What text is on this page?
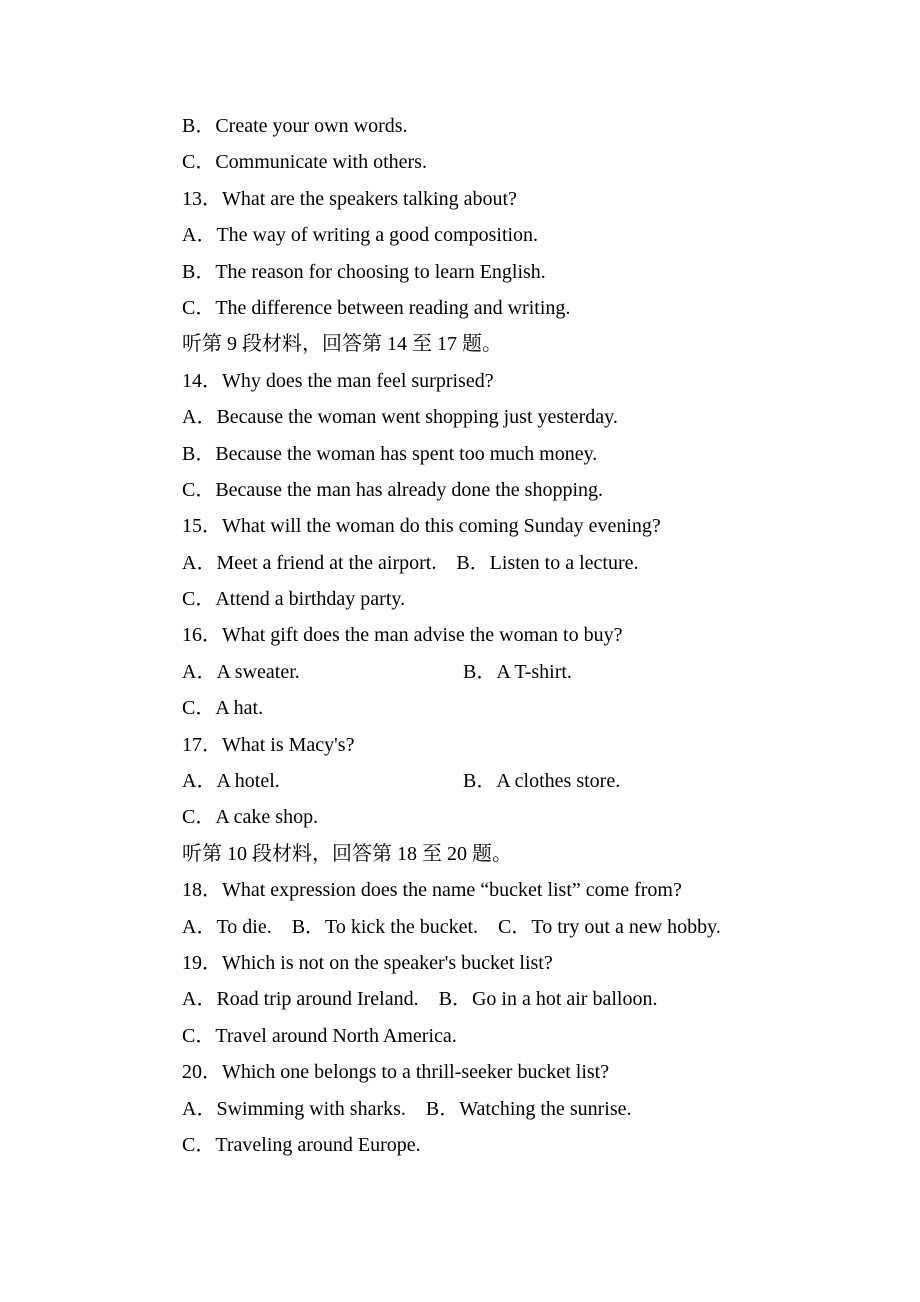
B．Create your own words.
C．Communicate with others.
13．What are the speakers talking about?
A．The way of writing a good composition.
B．The reason for choosing to learn English.
C．The difference between reading and writing.
听第 9 段材料，回答第 14 至 17 题。
14．Why does the man feel surprised?
A．Because the woman went shopping just yesterday.
B．Because the woman has spent too much money.
C．Because the man has already done the shopping.
15．What will the woman do this coming Sunday evening?
A．Meet a friend at the airport.    B．Listen to a lecture.
C．Attend a birthday party.
16．What gift does the man advise the woman to buy?
A．A sweater.	B．A T-shirt.
C．A hat.
17．What is Macy's?
A．A hotel.	B．A clothes store.
C．A cake shop.
听第 10 段材料，回答第 18 至 20 题。
18．What expression does the name “bucket list” come from?
A．To die.    B．To kick the bucket.    C．To try out a new hobby.
19．Which is not on the speaker's bucket list?
A．Road trip around Ireland.    B．Go in a hot air balloon.
C．Travel around North America.
20．Which one belongs to a thrill-seeker bucket list?
A．Swimming with sharks.    B．Watching the sunrise.
C．Traveling around Europe.
